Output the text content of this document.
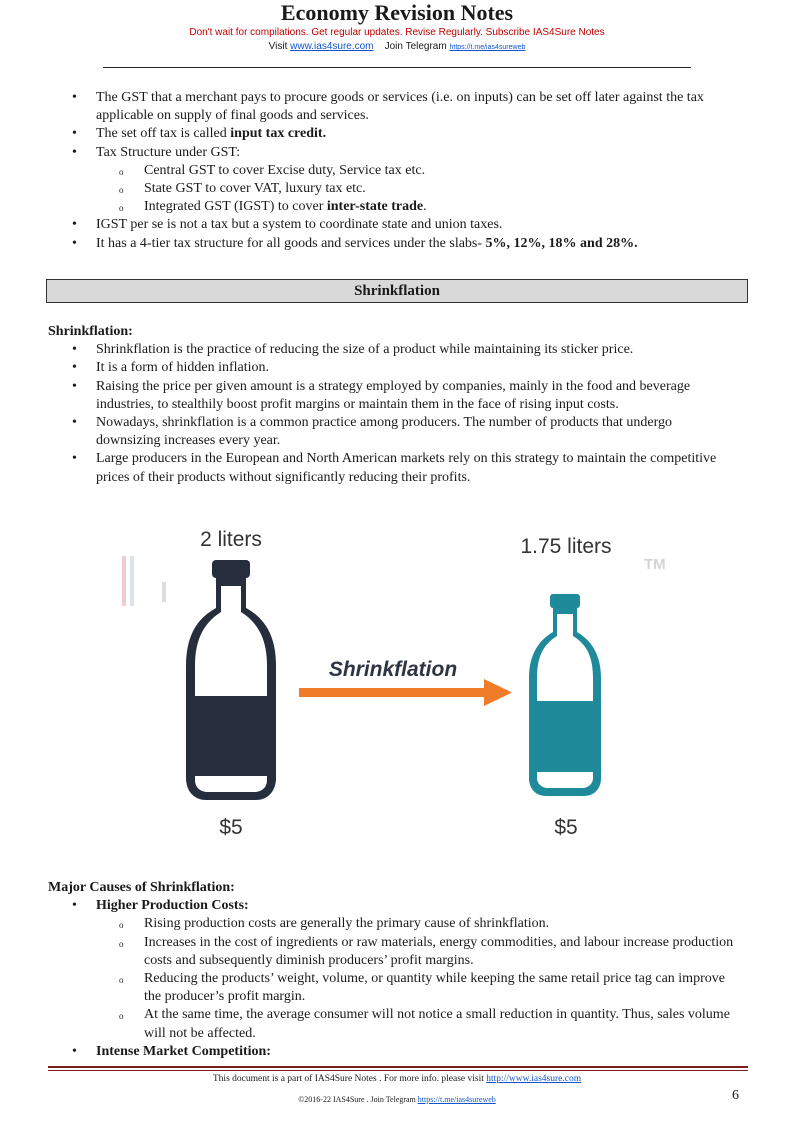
Economy Revision Notes
Don't wait for compilations. Get regular updates. Revise Regularly. Subscribe IAS4Sure Notes
Visit www.ias4sure.com Join Telegram https://t.me/ias4sureweb
• The GST that a merchant pays to procure goods or services (i.e. on inputs) can be set off later against the tax applicable on supply of final goods and services.
• The set off tax is called input tax credit.
• Tax Structure under GST:
o Central GST to cover Excise duty, Service tax etc.
o State GST to cover VAT, luxury tax etc.
o Integrated GST (IGST) to cover inter-state trade.
• IGST per se is not a tax but a system to coordinate state and union taxes.
• It has a 4-tier tax structure for all goods and services under the slabs- 5%, 12%, 18% and 28%.
Shrinkflation
Shrinkflation:
• Shrinkflation is the practice of reducing the size of a product while maintaining its sticker price.
• It is a form of hidden inflation.
• Raising the price per given amount is a strategy employed by companies, mainly in the food and beverage industries, to stealthily boost profit margins or maintain them in the face of rising input costs.
• Nowadays, shrinkflation is a common practice among producers. The number of products that undergo downsizing increases every year.
• Large producers in the European and North American markets rely on this strategy to maintain the competitive prices of their products without significantly reducing their profits.
TM
2 liters
$5
Shrinkflation
1.75 liters
$5
Major Causes of Shrinkflation:
• Higher Production Costs:
o Rising production costs are generally the primary cause of shrinkflation.
o Increases in the cost of ingredients or raw materials, energy commodities, and labour increase production costs and subsequently diminish producers’ profit margins.
o Reducing the products’ weight, volume, or quantity while keeping the same retail price tag can improve the producer’s profit margin.
o At the same time, the average consumer will not notice a small reduction in quantity. Thus, sales volume will not be affected.
• Intense Market Competition:
This document is a part of IAS4Sure Notes . For more info. please visit http://www.ias4sure.com
©2016-22 IAS4Sure . Join Telegram https://t.me/ias4sureweb	6
